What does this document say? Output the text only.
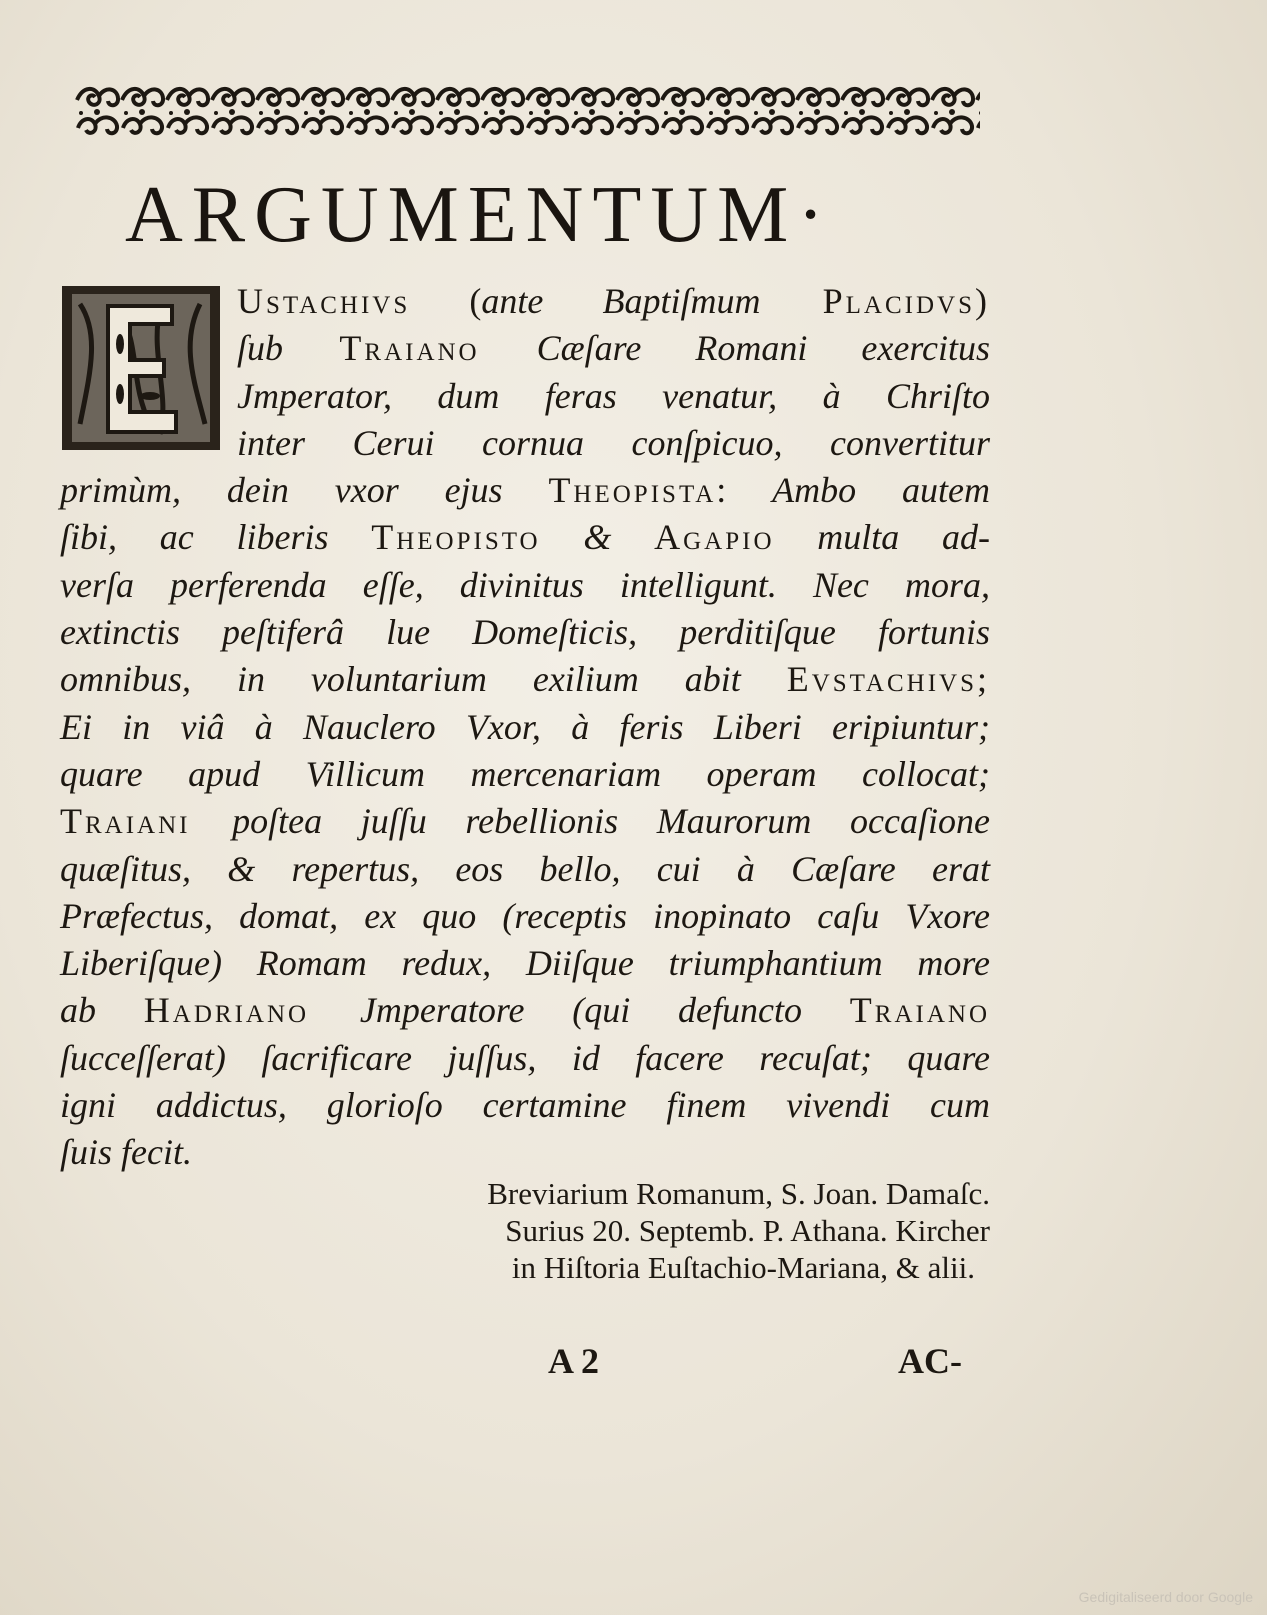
ARGUMENTUM·
Ustachivs (ante Baptiſmum Placidvs)
ſub Traiano Cæſare Romani exercitus
Jmperator, dum feras venatur, à Chriſto
inter Cerui cornua conſpicuo, convertitur
primùm, dein vxor ejus Theopista: Ambo autem
ſibi, ac liberis Theopisto & Agapio multa ad-
verſa perferenda eſſe, divinitus intelligunt. Nec mora,
extinctis peſtiferâ lue Domeſticis, perditiſque fortunis
omnibus, in voluntarium exilium abit Evstachivs;
Ei in viâ à Nauclero Vxor, à feris Liberi eripiuntur;
quare apud Villicum mercenariam operam collocat;
Traiani poſtea juſſu rebellionis Maurorum occaſione
quæſitus, & repertus, eos bello, cui à Cæſare erat
Præfectus, domat, ex quo (receptis inopinato caſu Vxore
Liberiſque) Romam redux, Diiſque triumphantium more
ab Hadriano Jmperatore (qui defuncto Traiano
ſucceſſerat) ſacrificare juſſus, id facere recuſat; quare
igni addictus, glorioſo certamine finem vivendi cum
ſuis fecit.
Breviarium Romanum, S. Joan. Damaſc.
Surius 20. Septemb. P. Athana. Kircher
in Hiſtoria Euſtachio-Mariana, & alii.
A 2	AC-
Gedigitaliseerd door Google
